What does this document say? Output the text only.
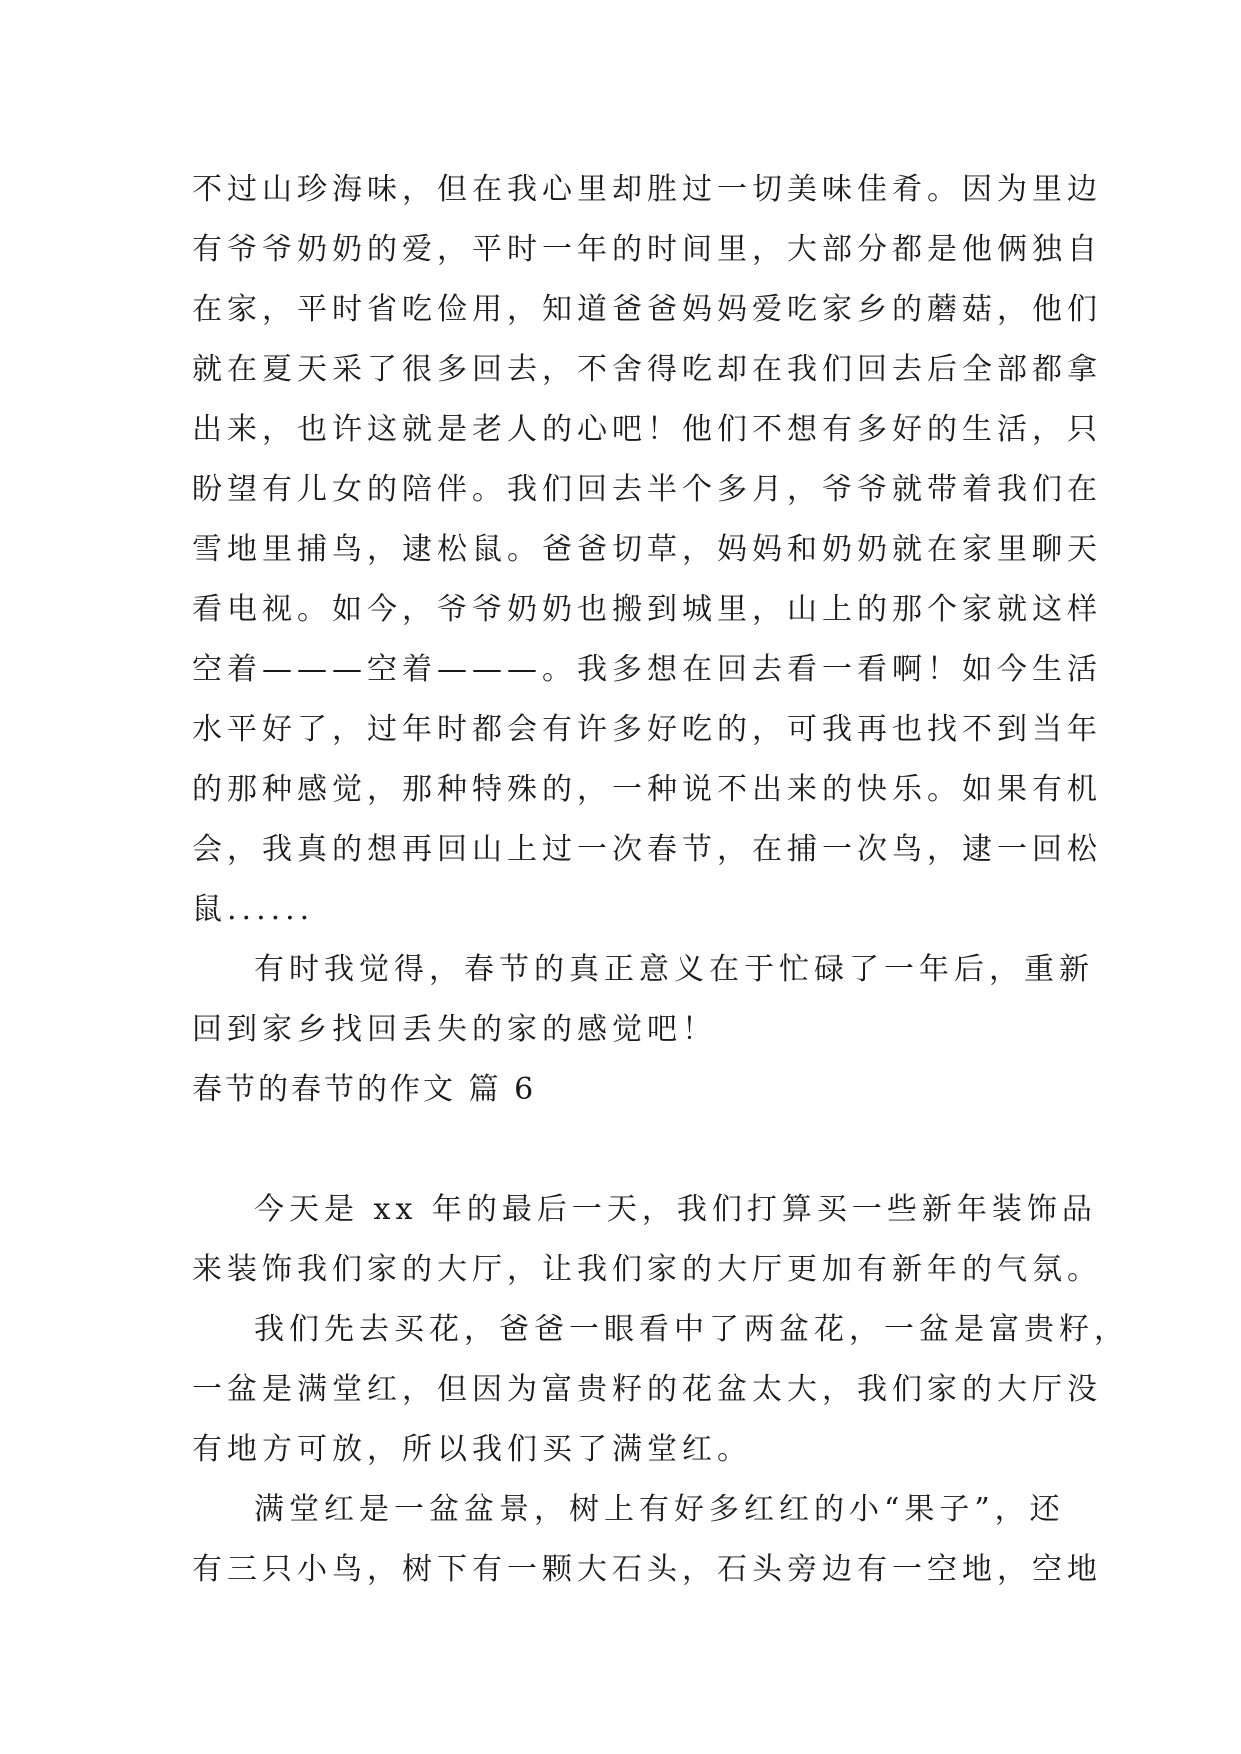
不过山珍海味，但在我心里却胜过一切美味佳肴。因为里边
有爷爷奶奶的爱，平时一年的时间里，大部分都是他俩独自
在家，平时省吃俭用，知道爸爸妈妈爱吃家乡的蘑菇，他们
就在夏天采了很多回去，不舍得吃却在我们回去后全部都拿
出来，也许这就是老人的心吧！他们不想有多好的生活，只
盼望有儿女的陪伴。我们回去半个多月，爷爷就带着我们在
雪地里捕鸟，逮松鼠。爸爸切草，妈妈和奶奶就在家里聊天
看电视。如今，爷爷奶奶也搬到城里，山上的那个家就这样
空着———空着———。我多想在回去看一看啊！如今生活
水平好了，过年时都会有许多好吃的，可我再也找不到当年
的那种感觉，那种特殊的，一种说不出来的快乐。如果有机
会，我真的想再回山上过一次春节，在捕一次鸟，逮一回松
鼠......
有时我觉得，春节的真正意义在于忙碌了一年后，重新
回到家乡找回丢失的家的感觉吧！
春节的春节的作文 篇 6
今天是 xx 年的最后一天，我们打算买一些新年装饰品
来装饰我们家的大厅，让我们家的大厅更加有新年的气氛。
我们先去买花，爸爸一眼看中了两盆花，一盆是富贵籽，
一盆是满堂红，但因为富贵籽的花盆太大，我们家的大厅没
有地方可放，所以我们买了满堂红。
满堂红是一盆盆景，树上有好多红红的小“果子”，还
有三只小鸟，树下有一颗大石头，石头旁边有一空地，空地
